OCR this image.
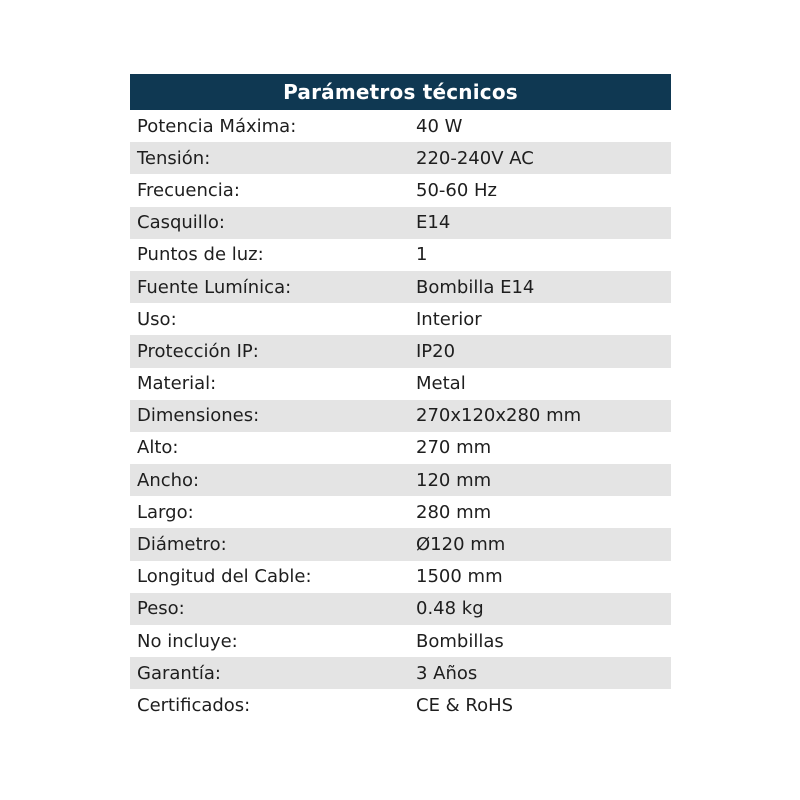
Parámetros técnicos
Potencia Máxima:	40 W
Tensión:	220-240V AC
Frecuencia:	50-60 Hz
Casquillo:	E14
Puntos de luz:	1
Fuente Lumínica:	Bombilla E14
Uso:	Interior
Protección IP:	IP20
Material:	Metal
Dimensiones:	270x120x280 mm
Alto:	270 mm
Ancho:	120 mm
Largo:	280 mm
Diámetro:	Ø120 mm
Longitud del Cable:	1500 mm
Peso:	0.48 kg
No incluye:	Bombillas
Garantía:	3 Años
Certificados:	CE & RoHS
